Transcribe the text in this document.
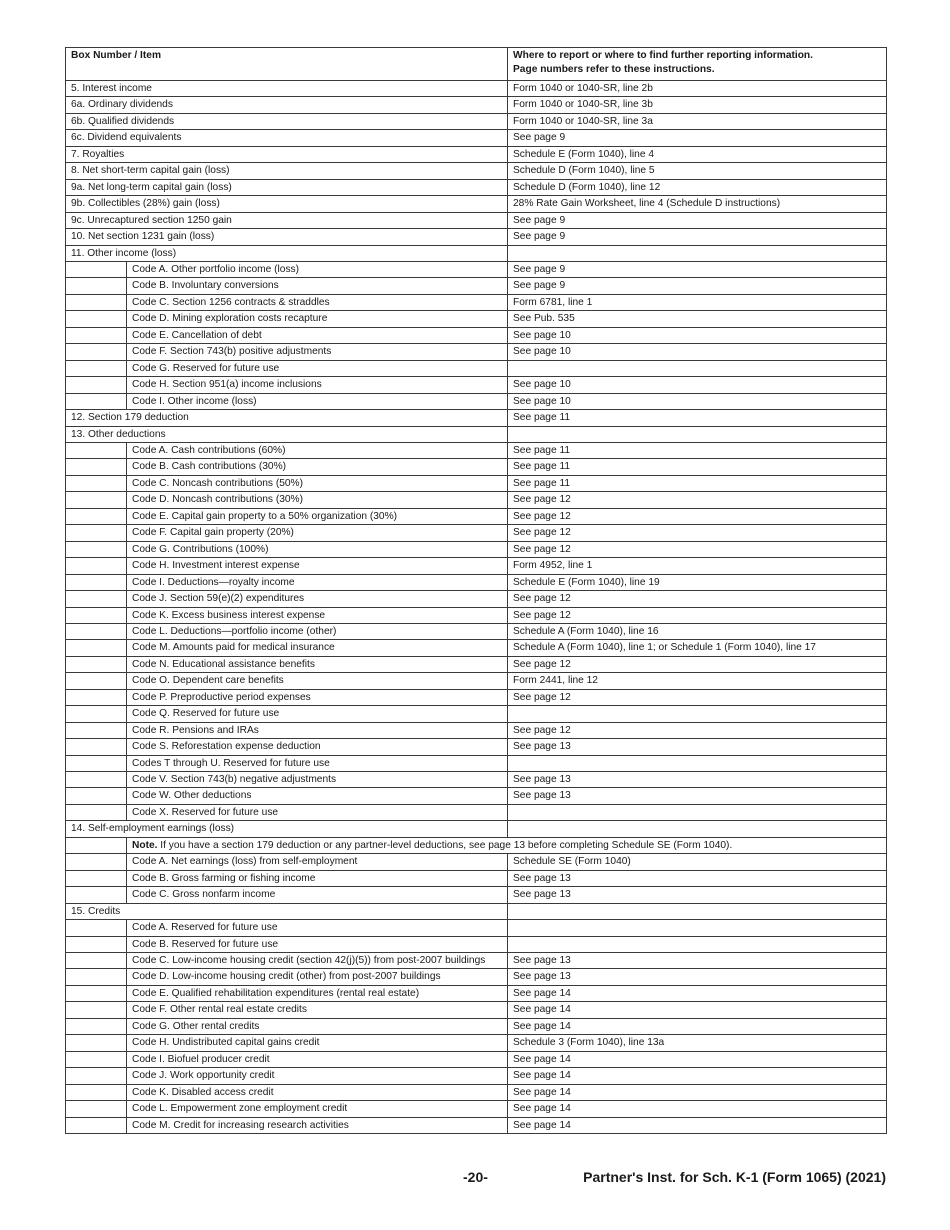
Box Number / Item		Where to report or where to find further reporting information.
Page numbers refer to these instructions.

5. Interest income		Form 1040 or 1040-SR, line 2b
6a. Ordinary dividends		Form 1040 or 1040-SR, line 3b
6b. Qualified dividends		Form 1040 or 1040-SR, line 3a
6c. Dividend equivalents		See page 9
7. Royalties		Schedule E (Form 1040), line 4
8. Net short-term capital gain (loss)		Schedule D (Form 1040), line 5
9a. Net long-term capital gain (loss)		Schedule D (Form 1040), line 12
9b. Collectibles (28%) gain (loss)		28% Rate Gain Worksheet, line 4 (Schedule D instructions)
9c. Unrecaptured section 1250 gain		See page 9
10. Net section 1231 gain (loss)		See page 9
11. Other income (loss)		
	Code A. Other portfolio income (loss)	See page 9
	Code B. Involuntary conversions	See page 9
	Code C. Section 1256 contracts & straddles	Form 6781, line 1
	Code D. Mining exploration costs recapture	See Pub. 535
	Code E. Cancellation of debt	See page 10
	Code F. Section 743(b) positive adjustments	See page 10
	Code G. Reserved for future use	
	Code H. Section 951(a) income inclusions	See page 10
	Code I. Other income (loss)	See page 10
12. Section 179 deduction		See page 11
13. Other deductions		
	Code A. Cash contributions (60%)	See page 11
	Code B. Cash contributions (30%)	See page 11
	Code C. Noncash contributions (50%)	See page 11
	Code D. Noncash contributions (30%)	See page 12
	Code E. Capital gain property to a 50% organization (30%)	See page 12
	Code F. Capital gain property (20%)	See page 12
	Code G. Contributions (100%)	See page 12
	Code H. Investment interest expense	Form 4952, line 1
	Code I. Deductions—royalty income	Schedule E (Form 1040), line 19
	Code J. Section 59(e)(2) expenditures	See page 12
	Code K. Excess business interest expense	See page 12
	Code L. Deductions—portfolio income (other)	Schedule A (Form 1040), line 16
	Code M. Amounts paid for medical insurance	Schedule A (Form 1040), line 1; or Schedule 1 (Form 1040), line 17
	Code N. Educational assistance benefits	See page 12
	Code O. Dependent care benefits	Form 2441, line 12
	Code P. Preproductive period expenses	See page 12
	Code Q. Reserved for future use	
	Code R. Pensions and IRAs	See page 12
	Code S. Reforestation expense deduction	See page 13
	Codes T through U. Reserved for future use	
	Code V. Section 743(b) negative adjustments	See page 13
	Code W. Other deductions	See page 13
	Code X. Reserved for future use	
14. Self-employment earnings (loss)		
	Note. If you have a section 179 deduction or any partner-level deductions, see page 13 before completing Schedule SE (Form 1040).	
	Code A. Net earnings (loss) from self-employment	Schedule SE (Form 1040)
	Code B. Gross farming or fishing income	See page 13
	Code C. Gross nonfarm income	See page 13
15. Credits		
	Code A. Reserved for future use	
	Code B. Reserved for future use	
	Code C. Low-income housing credit (section 42(j)(5)) from post-2007 buildings	See page 13
	Code D. Low-income housing credit (other) from post-2007 buildings	See page 13
	Code E. Qualified rehabilitation expenditures (rental real estate)	See page 14
	Code F. Other rental real estate credits	See page 14
	Code G. Other rental credits	See page 14
	Code H. Undistributed capital gains credit	Schedule 3 (Form 1040), line 13a
	Code I. Biofuel producer credit	See page 14
	Code J. Work opportunity credit	See page 14
	Code K. Disabled access credit	See page 14
	Code L. Empowerment zone employment credit	See page 14
	Code M. Credit for increasing research activities	See page 14
-20-	Partner's Inst. for Sch. K-1 (Form 1065) (2021)
